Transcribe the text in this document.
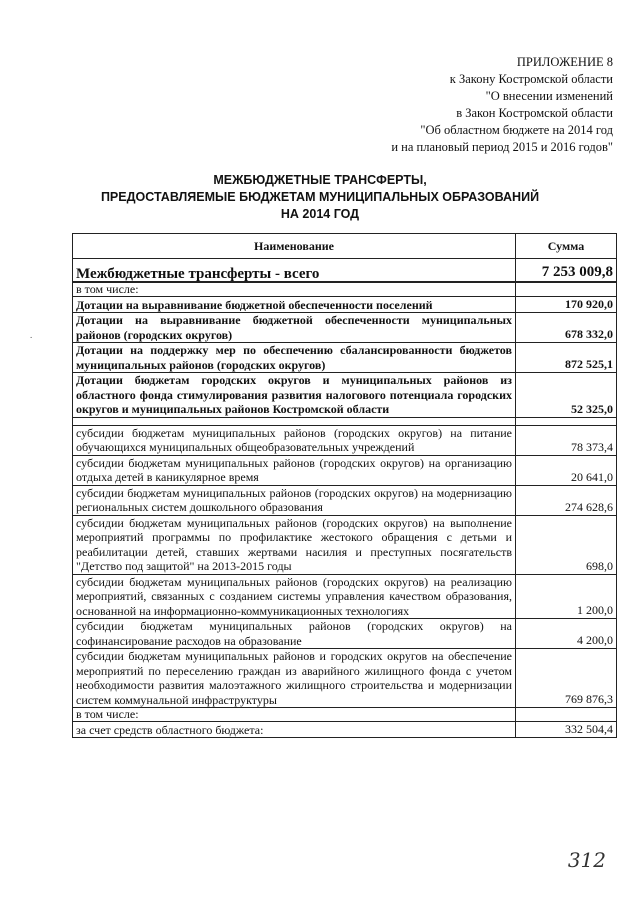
ПРИЛОЖЕНИЕ 8
к Закону Костромской области
"О внесении изменений
в Закон Костромской области
"Об областном бюджете на 2014 год
и на плановый период 2015 и 2016 годов"
МЕЖБЮДЖЕТНЫЕ ТРАНСФЕРТЫ,
ПРЕДОСТАВЛЯЕМЫЕ БЮДЖЕТАМ МУНИЦИПАЛЬНЫХ ОБРАЗОВАНИЙ
НА 2014 ГОД
.
Наименование	Сумма
Межбюджетные трансферты - всего	7 253 009,8
в том числе:	
Дотации на выравнивание бюджетной обеспеченности поселений	170 920,0
Дотации на выравнивание бюджетной обеспеченности муниципальных районов (городских округов)	678 332,0
Дотации на поддержку мер по обеспечению сбалансированности бюджетов муниципальных районов (городских округов)	872 525,1
Дотации бюджетам городских округов и муниципальных районов из областного фонда стимулирования развития налогового потенциала городских округов и муниципальных районов Костромской области	52 325,0

субсидии бюджетам муниципальных районов (городских округов) на питание обучающихся муниципальных общеобразовательных учреждений	78 373,4
субсидии бюджетам муниципальных районов (городских округов) на организацию отдыха детей в каникулярное время	20 641,0
субсидии бюджетам муниципальных районов (городских округов) на модернизацию региональных систем дошкольного образования	274 628,6
субсидии бюджетам муниципальных районов (городских округов) на выполнение мероприятий программы по профилактике жестокого обращения с детьми и реабилитации детей, ставших жертвами насилия и преступных посягательств "Детство под защитой" на 2013-2015 годы	698,0
субсидии бюджетам муниципальных районов (городских округов) на реализацию мероприятий, связанных с созданием системы управления качеством образования, основанной на информационно-коммуникационных технологиях	1 200,0
субсидии бюджетам муниципальных районов (городских округов) на софинансирование расходов на образование	4 200,0
субсидии бюджетам муниципальных районов и городских округов на обеспечение мероприятий по переселению граждан из аварийного жилищного фонда с учетом необходимости развития малоэтажного жилищного строительства и модернизации систем коммунальной инфраструктуры	769 876,3
в том числе:	
за счет средств областного бюджета:	332 504,4
312
